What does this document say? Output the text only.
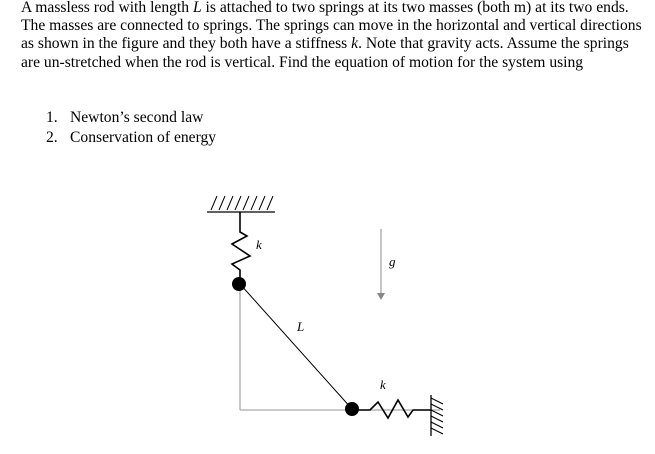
A massless rod with length L is attached to two springs at its two masses (both m) at its two ends. The masses are connected to springs. The springs can move in the horizontal and vertical directions as shown in the figure and they both have a stiffness k. Note that gravity acts. Assume the springs are un-stretched when the rod is vertical. Find the equation of motion for the system using
1. Newton’s second law
2. Conservation of energy
k
g
L
k
